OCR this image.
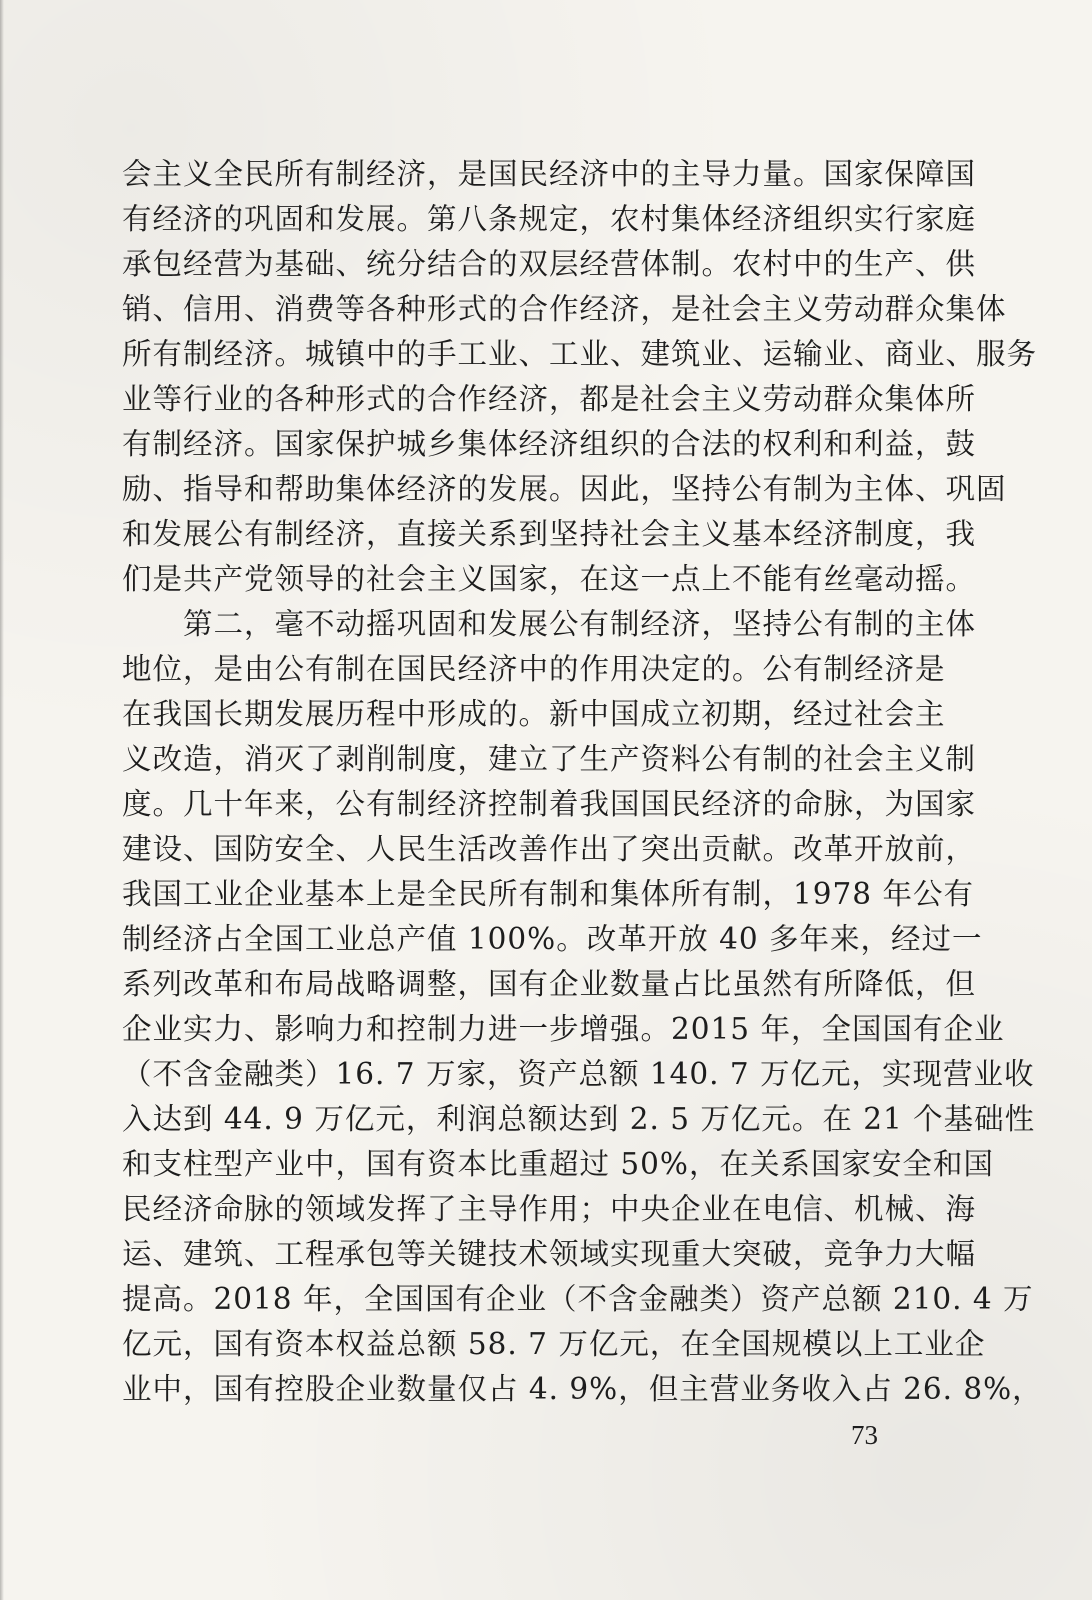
会主义全民所有制经济，是国民经济中的主导力量。国家保障国
有经济的巩固和发展。第八条规定，农村集体经济组织实行家庭
承包经营为基础、统分结合的双层经营体制。农村中的生产、供
销、信用、消费等各种形式的合作经济，是社会主义劳动群众集体
所有制经济。城镇中的手工业、工业、建筑业、运输业、商业、服务
业等行业的各种形式的合作经济，都是社会主义劳动群众集体所
有制经济。国家保护城乡集体经济组织的合法的权利和利益，鼓
励、指导和帮助集体经济的发展。因此，坚持公有制为主体、巩固
和发展公有制经济，直接关系到坚持社会主义基本经济制度，我
们是共产党领导的社会主义国家，在这一点上不能有丝毫动摇。
　　第二，毫不动摇巩固和发展公有制经济，坚持公有制的主体
地位，是由公有制在国民经济中的作用决定的。公有制经济是
在我国长期发展历程中形成的。新中国成立初期，经过社会主
义改造，消灭了剥削制度，建立了生产资料公有制的社会主义制
度。几十年来，公有制经济控制着我国国民经济的命脉，为国家
建设、国防安全、人民生活改善作出了突出贡献。改革开放前，
我国工业企业基本上是全民所有制和集体所有制，1978 年公有
制经济占全国工业总产值 100%。改革开放 40 多年来，经过一
系列改革和布局战略调整，国有企业数量占比虽然有所降低，但
企业实力、影响力和控制力进一步增强。2015 年，全国国有企业
（不含金融类）16. 7 万家，资产总额 140. 7 万亿元，实现营业收
入达到 44. 9 万亿元，利润总额达到 2. 5 万亿元。在 21 个基础性
和支柱型产业中，国有资本比重超过 50%，在关系国家安全和国
民经济命脉的领域发挥了主导作用；中央企业在电信、机械、海
运、建筑、工程承包等关键技术领域实现重大突破，竞争力大幅
提高。2018 年，全国国有企业（不含金融类）资产总额 210. 4 万
亿元，国有资本权益总额 58. 7 万亿元，在全国规模以上工业企
业中，国有控股企业数量仅占 4. 9%，但主营业务收入占 26. 8%，
73
